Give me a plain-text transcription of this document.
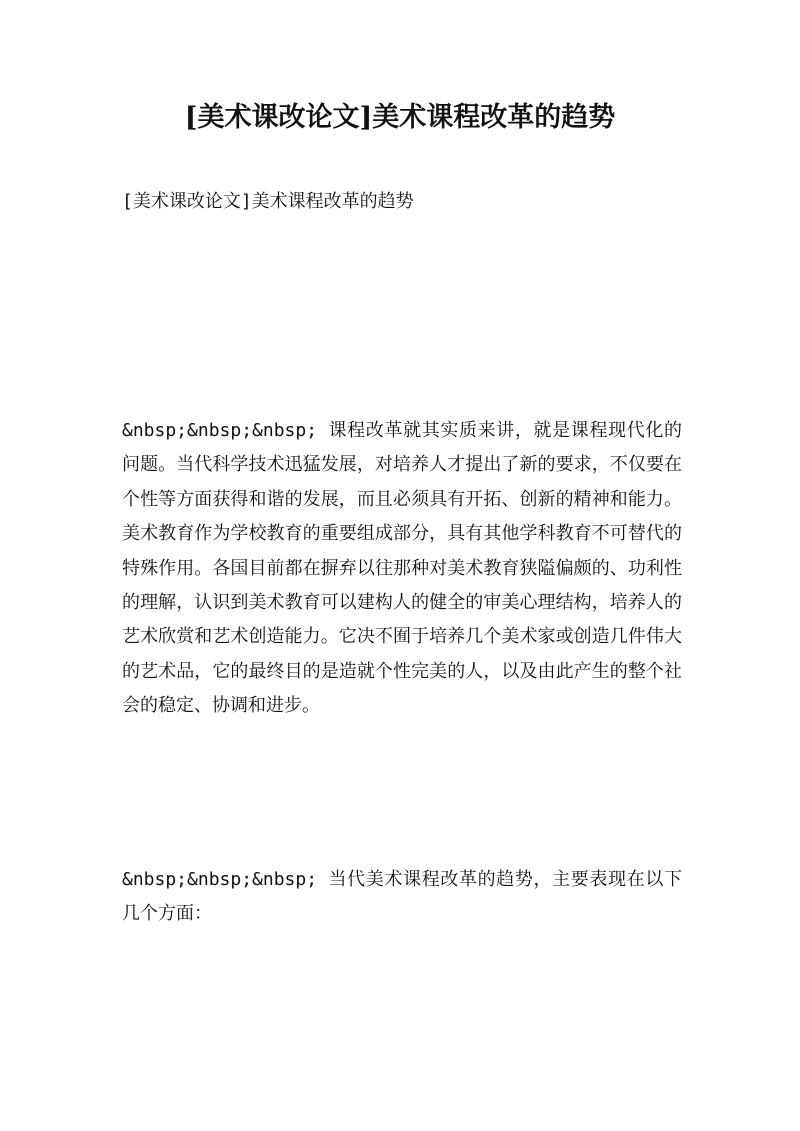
[美术课改论文]美术课程改革的趋势

[美术课改论文]美术课程改革的趋势

&nbsp;&nbsp;&nbsp; 课程改革就其实质来讲，就是课程现代化的问题。当代科学技术迅猛发展，对培养人才提出了新的要求，不仅要在个性等方面获得和谐的发展，而且必须具有开拓、创新的精神和能力。美术教育作为学校教育的重要组成部分，具有其他学科教育不可替代的特殊作用。各国目前都在摒弃以往那种对美术教育狭隘偏颇的、功利性的理解，认识到美术教育可以建构人的健全的审美心理结构，培养人的艺术欣赏和艺术创造能力。它决不囿于培养几个美术家或创造几件伟大的艺术品，它的最终目的是造就个性完美的人，以及由此产生的整个社会的稳定、协调和进步。

&nbsp;&nbsp;&nbsp; 当代美术课程改革的趋势，主要表现在以下几个方面：
